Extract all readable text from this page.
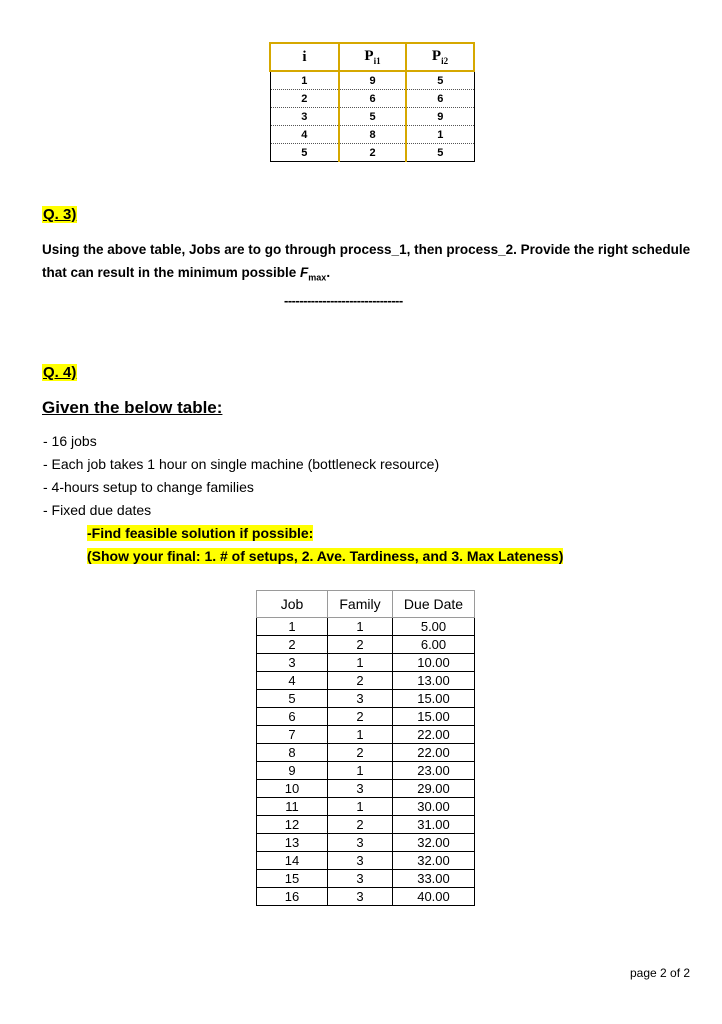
i	$P_{i1}$	$P_{i2}$
1	9	5
2	6	6
3	5	9
4	8	1
5	2	5
Q. 3)
Using the above table, Jobs are to go through process_1, then process_2. Provide the right schedule that can result in the minimum possible $F_{max}$.
-------------------------------
Q. 4)
Given the below table:
- 16 jobs
- Each job takes 1 hour on single machine (bottleneck resource)
- 4-hours setup to change families
- Fixed due dates
-Find feasible solution if possible:
(Show your final: 1. # of setups, 2. Ave. Tardiness, and 3. Max Lateness)
Job	Family	Due Date
1	1	5.00
2	2	6.00
3	1	10.00
4	2	13.00
5	3	15.00
6	2	15.00
7	1	22.00
8	2	22.00
9	1	23.00
10	3	29.00
11	1	30.00
12	2	31.00
13	3	32.00
14	3	32.00
15	3	33.00
16	3	40.00
page 2 of 2
